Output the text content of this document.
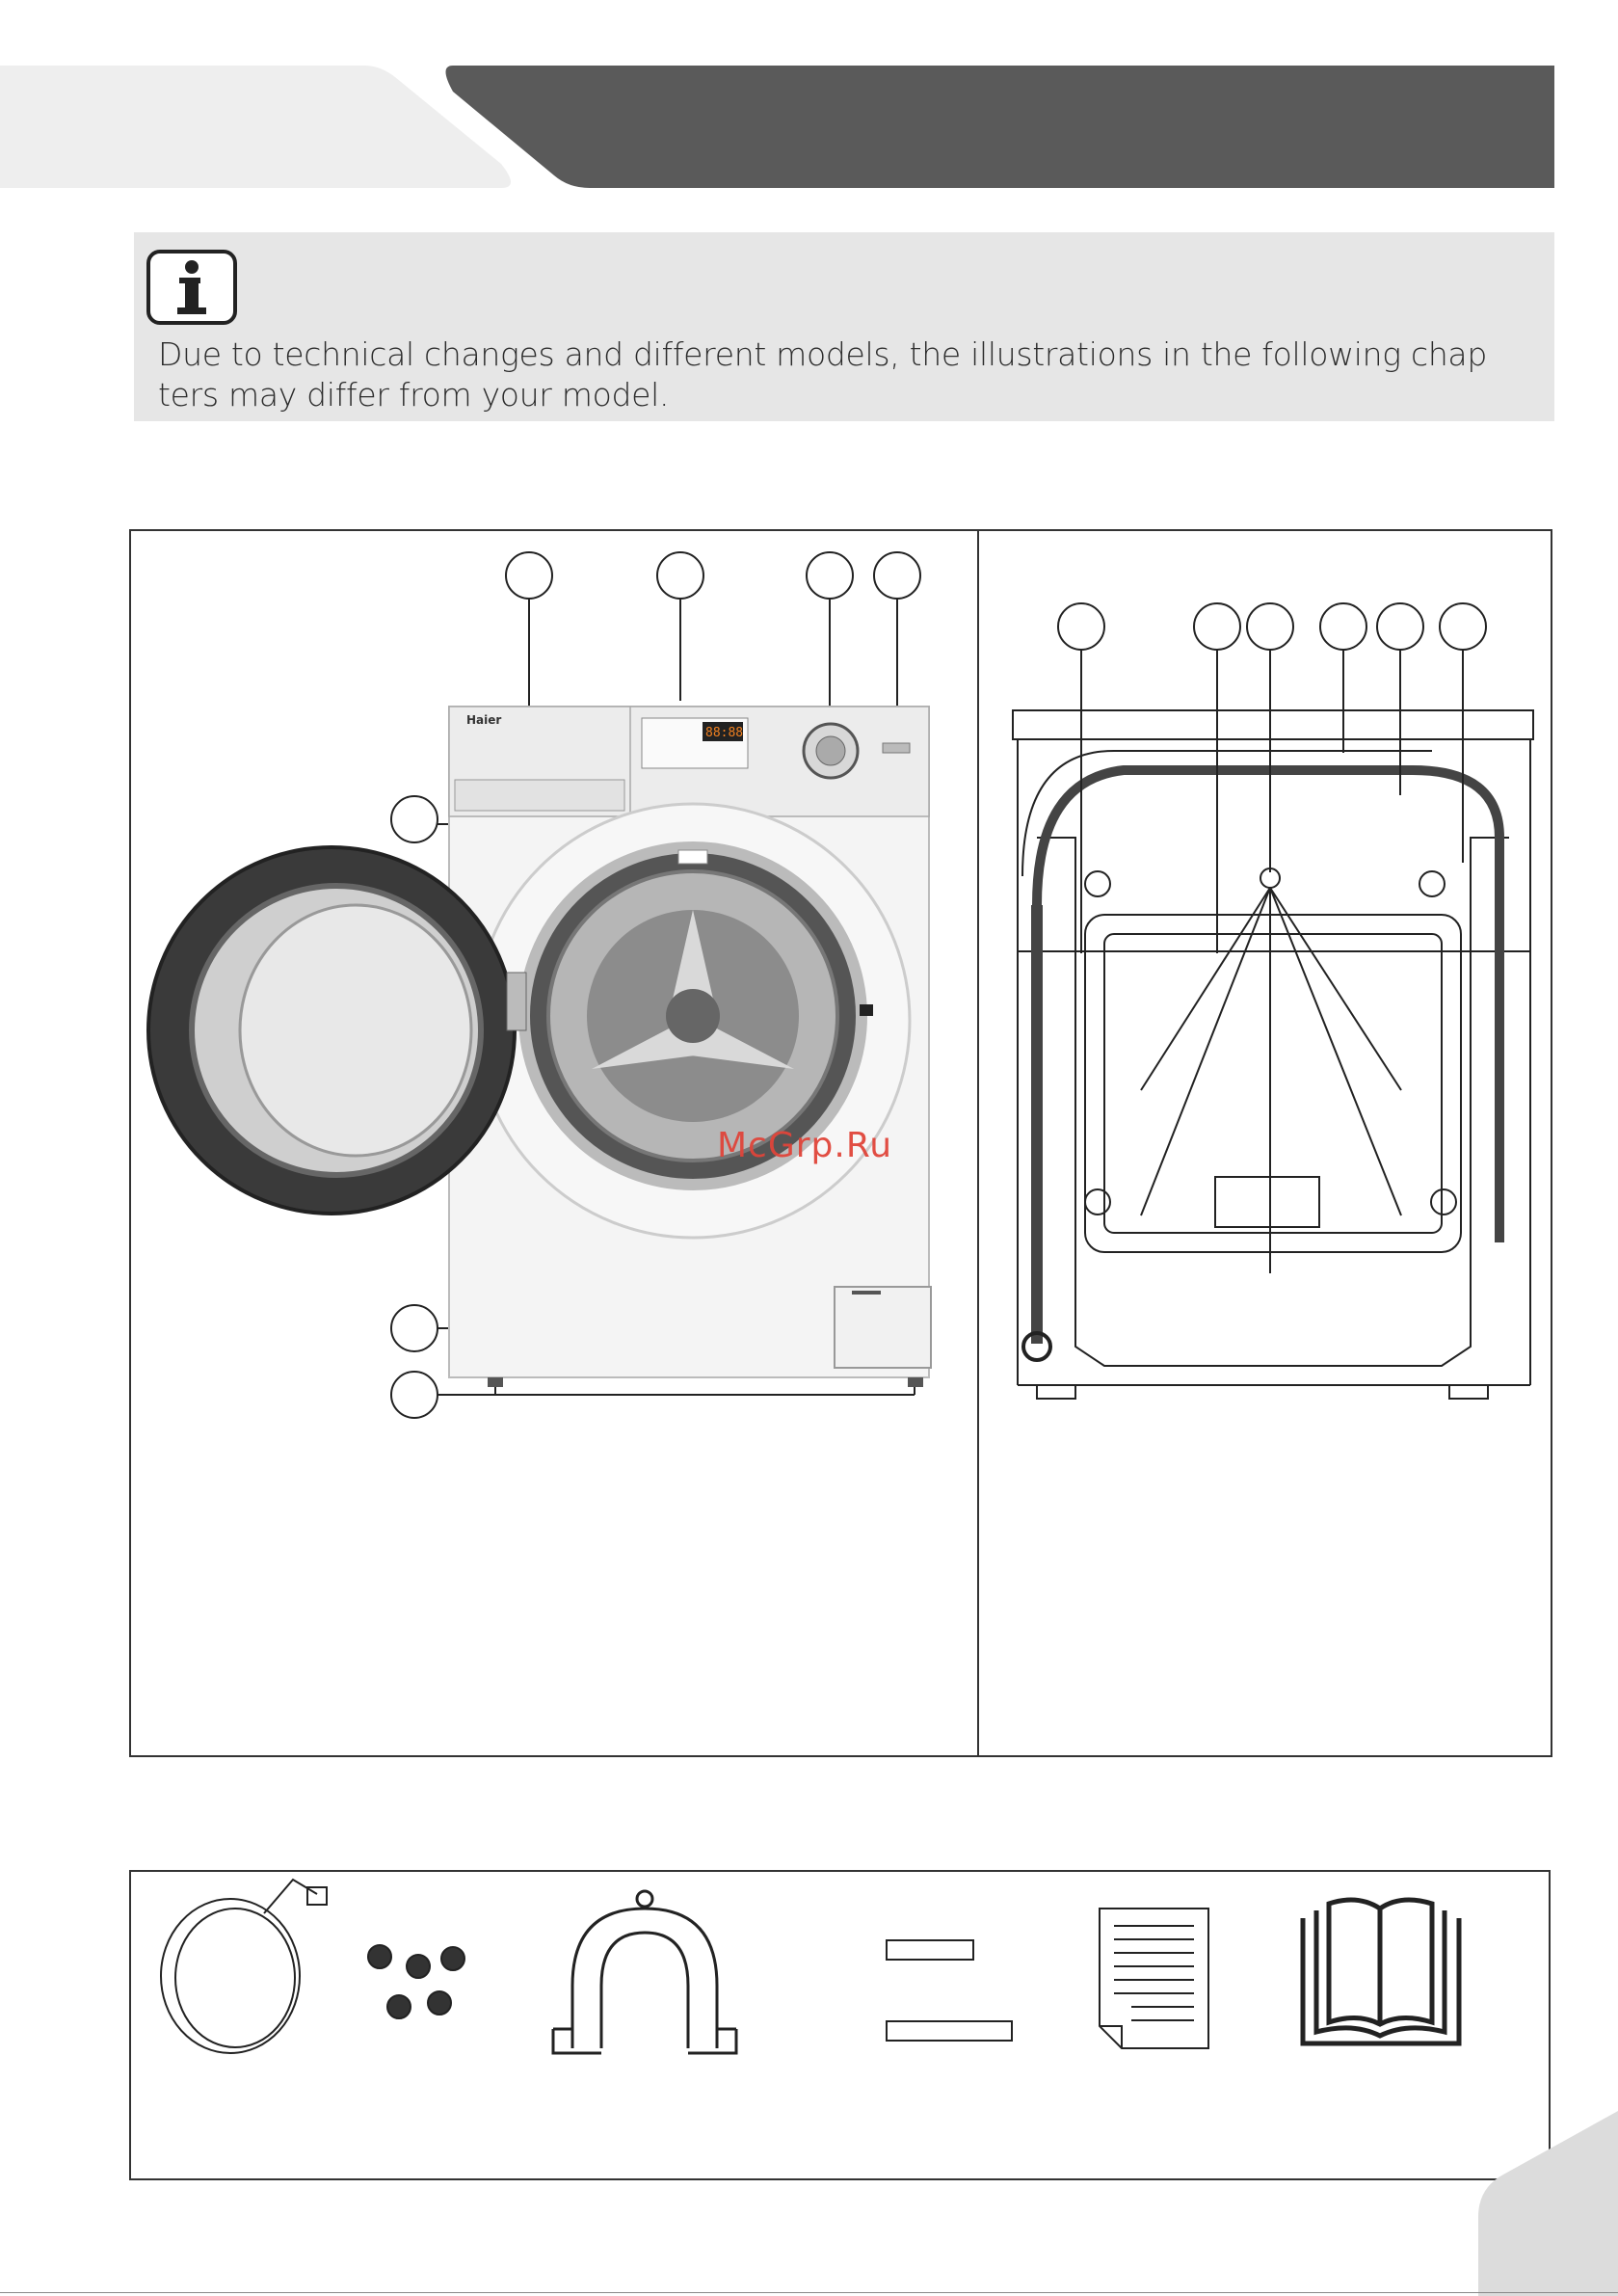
Due to technical changes and different models, the illustrations in the following chap
ters may differ from your model.
Haier
88:88
McGrp.Ru
